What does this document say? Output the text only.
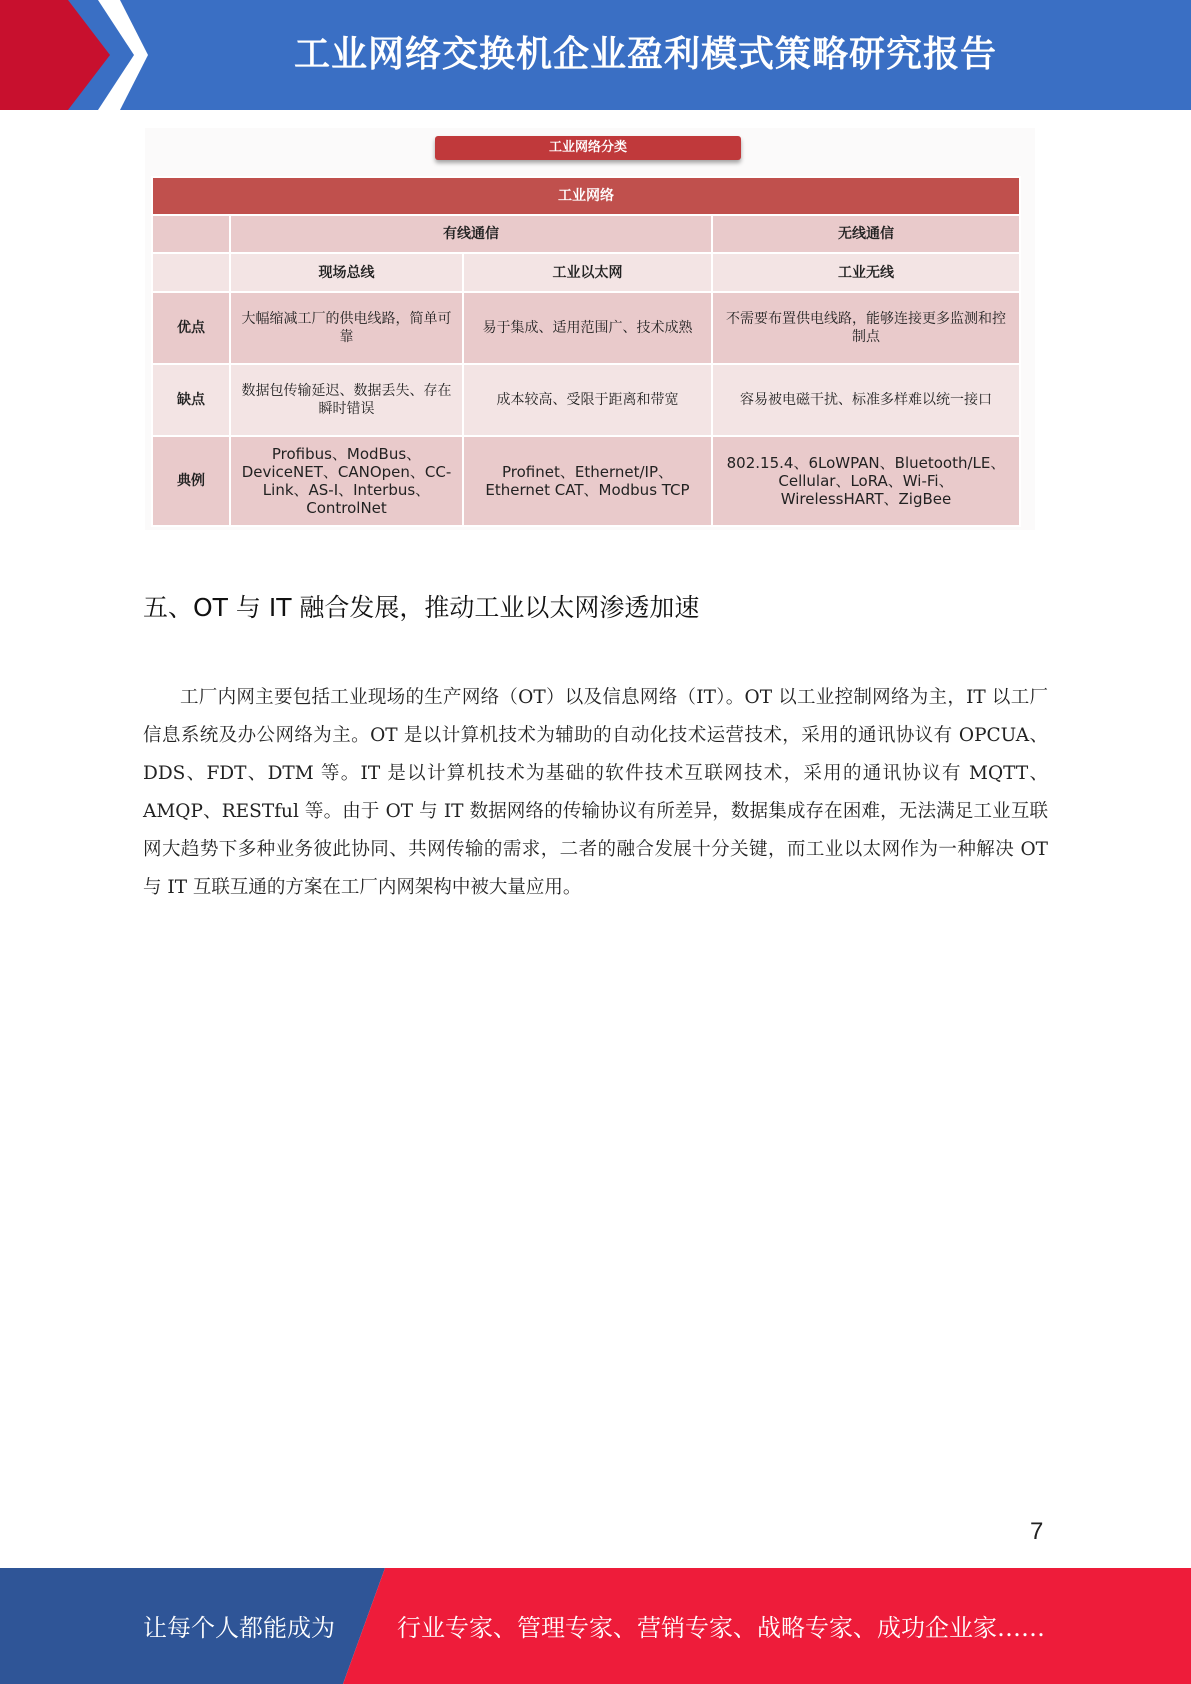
工业网络交换机企业盈利模式策略研究报告
工业网络分类
工业网络			
	有线通信		无线通信
	现场总线	工业以太网	工业无线
优点	大幅缩减工厂的供电线路，简单可靠	易于集成、适用范围广、技术成熟	不需要布置供电线路，能够连接更多监测和控制点
缺点	数据包传输延迟、数据丢失、存在瞬时错误	成本较高、受限于距离和带宽	容易被电磁干扰、标准多样难以统一接口
典例	Profibus、ModBus、DeviceNET、CANOpen、CC-Link、AS-I、Interbus、ControlNet	Profinet、Ethernet/IP、Ethernet CAT、Modbus TCP	802.15.4、6LoWPAN、Bluetooth/LE、Cellular、LoRA、Wi-Fi、WirelessHART、ZigBee
五、OT 与 IT 融合发展，推动工业以太网渗透加速

工厂内网主要包括工业现场的生产网络（OT）以及信息网络（IT）。OT 以工业控制网络为主，IT 以工厂信息系统及办公网络为主。OT 是以计算机技术为辅助的自动化技术运营技术，采用的通讯协议有 OPCUA、DDS、FDT、DTM 等。IT 是以计算机技术为基础的软件技术互联网技术，采用的通讯协议有 MQTT、AMQP、RESTful 等。由于 OT 与 IT 数据网络的传输协议有所差异，数据集成存在困难，无法满足工业互联网大趋势下多种业务彼此协同、共网传输的需求，二者的融合发展十分关键，而工业以太网作为一种解决 OT 与 IT 互联互通的方案在工厂内网架构中被大量应用。

7
让每个人都能成为	行业专家、管理专家、营销专家、战略专家、成功企业家……
